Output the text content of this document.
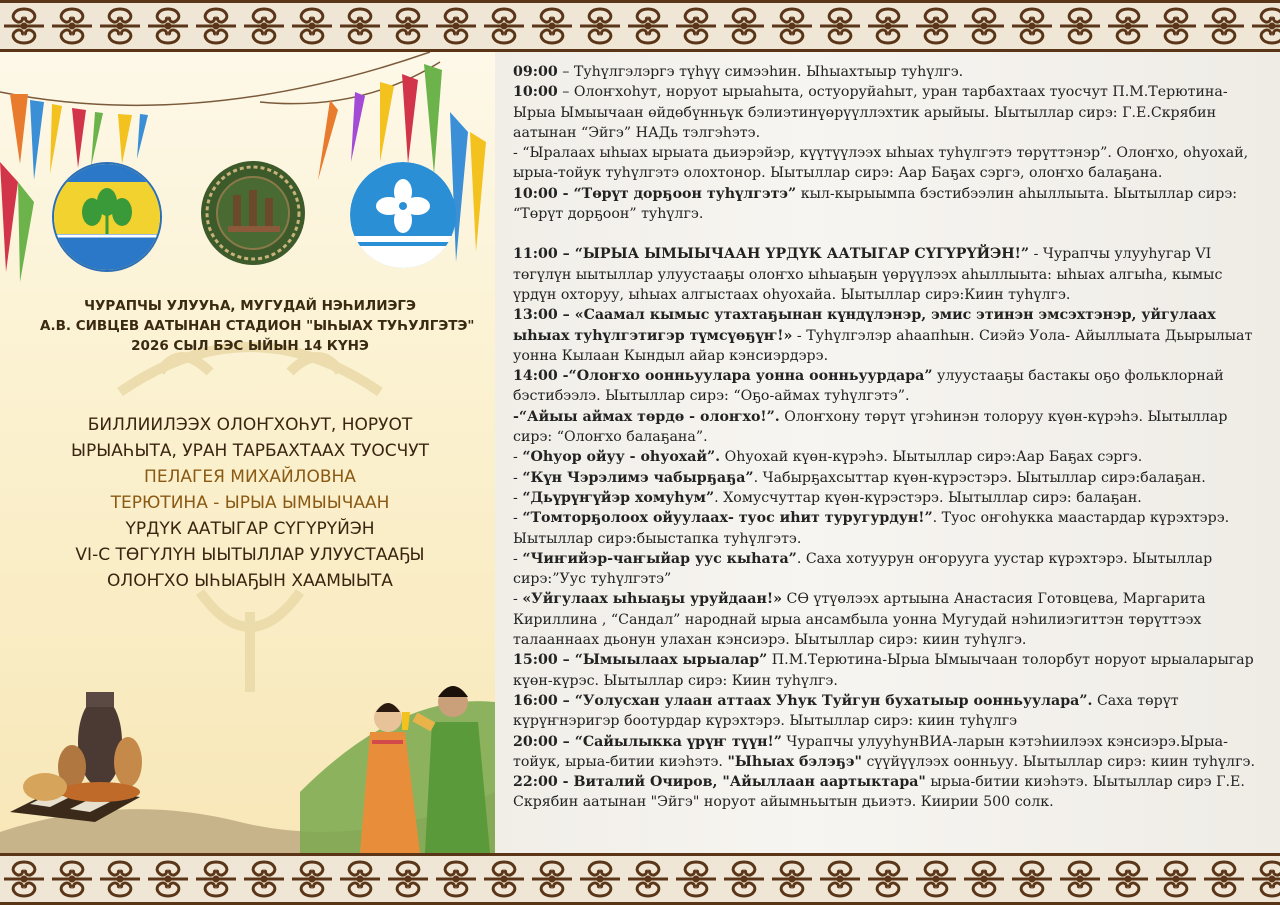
ЧУРАПЧЫ УЛУУҺА, МУГУДАЙ НЭҺИЛИЭГЭ
А.В. СИВЦЕВ ААТЫНАН СТАДИОН "ЫҺЫАХ ТУҺУЛГЭТЭ"
2026 СЫЛ БЭС ЫЙЫН 14 КҮНЭ
БИЛЛИИЛЭЭХ ОЛОҤХОҺУТ, НОРУОТ
ЫРЫАҺЫТА, УРАН ТАРБАХТААХ ТУОСЧУТ
ПЕЛАГЕЯ МИХАЙЛОВНА
ТЕРЮТИНА - ЫРЫА ЫМЫЫЧААН
ҮРДҮК ААТЫГАР СҮГҮРҮЙЭН
VI-С ТӨГҮЛҮН ЫЫТЫЛЛАР УЛУУСТААҔЫ
ОЛОҤХО ЫҺЫАҔЫН ХААМЫЫТА

09:00 – Туһүлгэлэргэ түһүү симээһин. Ыһыахтыыр туһүлгэ.

10:00 – Олоҥхоһут, норуот ырыаһыта, остуоруйаһыт, уран тарбахтаах туосчут П.М.Терютина-Ырыа Ымыычаан өйдөбүнньүк бэлиэтинүөрүүллэхтик арыйыы. Ыытыллар сирэ: Г.Е.Скрябин аатынан “Эйгэ” НАДь тэлгэһэтэ.

- “Ыралаах ыһыах ырыата дьиэрэйэр, күүтүүлээх ыһыах туһүлгэтэ төрүттэнэр”. Олоҥхо, оһуохай, ырыа-тойук туһүлгэтэ олохтонор. Ыытыллар сирэ: Аар Баҕах сэргэ, олоҥхо балаҕана.

10:00 - “Төрүт дорҕоон туһүлгэтэ” кыл-кырыымпа бэстибээлин аһыллыыта. Ыытыллар сирэ: “Төрүт дорҕоон” туһүлгэ.

11:00 – “ЫРЫА ЫМЫЫЧААН ҮРДҮК ААТЫГАР СҮГҮРҮЙЭН!” - Чурапчы улууһугар VI төгүлүн ыытыллар улуустааҕы олоҥхо ыһыаҕын үөрүүлээх аһыллыыта: ыһыах алгыһа, кымыс үрдүн охторуу, ыһыах алгыстаах оһуохайа. Ыытыллар сирэ:Киин туһүлгэ.

13:00 – «Саамал кымыс утахтаҕынан күндүлэнэр, эмис этинэн эмсэхтэнэр, уйгулаах ыһыах туһүлгэтигэр түмсүөҕүҥ!» - Туһүлгэлэр аһаапһын. Сиэйэ Уола- Айыллыата Дьырылыат уонна Кылаан Кындыл айар кэнсиэрдэрэ.

14:00 -“Олоҥхо оонньуулара уонна оонньуурдара” улуустааҕы бастакы оҕо фольклорнай бэстибээлэ. Ыытыллар сирэ: “Оҕо-аймах туһүлгэтэ”.

-“Айыы аймах төрдө - олоҥхо!”. Олоҥхону төрүт үгэһинэн толоруу күөн-күрэһэ. Ыытыллар сирэ: “Олоҥхо балаҕана”.

- “Оһуор ойуу - оһуохай”. Оһуохай күөн-күрэһэ. Ыытыллар сирэ:Аар Баҕах сэргэ.

- “Күн Чэрэлимэ чабырҕаҕа”. Чабырҕахсыттар күөн-күрэстэрэ. Ыытыллар сирэ:балаҕан.

- “Дьүрүҥүйэр хомуһум”. Хомусчуттар күөн-күрэстэрэ. Ыытыллар сирэ: балаҕан.

- “Томторҕолоох ойуулаах- туос иһит туругурдун!”. Туос оҥоһукка маастардар күрэхтэрэ. Ыытыллар сирэ:быыстапка туһүлгэтэ.

- “Чиҥийэр-чаҥыйар уус кыһата”. Саха хотуурун оҥоруугa уустар күрэхтэрэ. Ыытыллар сирэ:”Уус туһүлгэтэ”

- «Уйгулаах ыһыаҕы уруйдаан!» СӨ үтүөлээх артыына Анастасия Готовцева, Маргарита Кириллина , “Сандал” народнай ырыа ансамбыла уонна Мугудай нэһилиэгиттэн төрүттээх талааннаах дьонун улахан кэнсиэрэ. Ыытыллар сирэ: киин туһүлгэ.

15:00 – “Ымыылаах ырыалар” П.М.Терютина-Ырыа Ымыычаан толорбут норуот ырыаларыгар күөн-күрэс. Ыытыллар сирэ: Киин туһүлгэ.

16:00 – “Уолусхан улаан аттаах Уһук Туйгун бухатыыр оонньуулара”. Саха төрүт күрүҥнэригэр боотурдар күрэхтэрэ. Ыытыллар сирэ: киин туһүлгэ

20:00 – “Сайылыкка үрүҥ түүн!” Чурапчы улууһунВИА-ларын кэтэһиилээх кэнсиэрэ.Ырыа-тойук, ырыа-битии киэһэтэ. "Ыһыах бэлэҕэ" сүүйүүлээх оонньуу. Ыытыллар сирэ: киин туһүлгэ.

22:00 - Виталий Очиров, "Айыллаан аартыктара" ырыа-битии киэһэтэ. Ыытыллар сирэ Г.Е. Скрябин аатынан "Эйгэ" норуот айымньытын дьиэтэ. Киирии 500 солк.
